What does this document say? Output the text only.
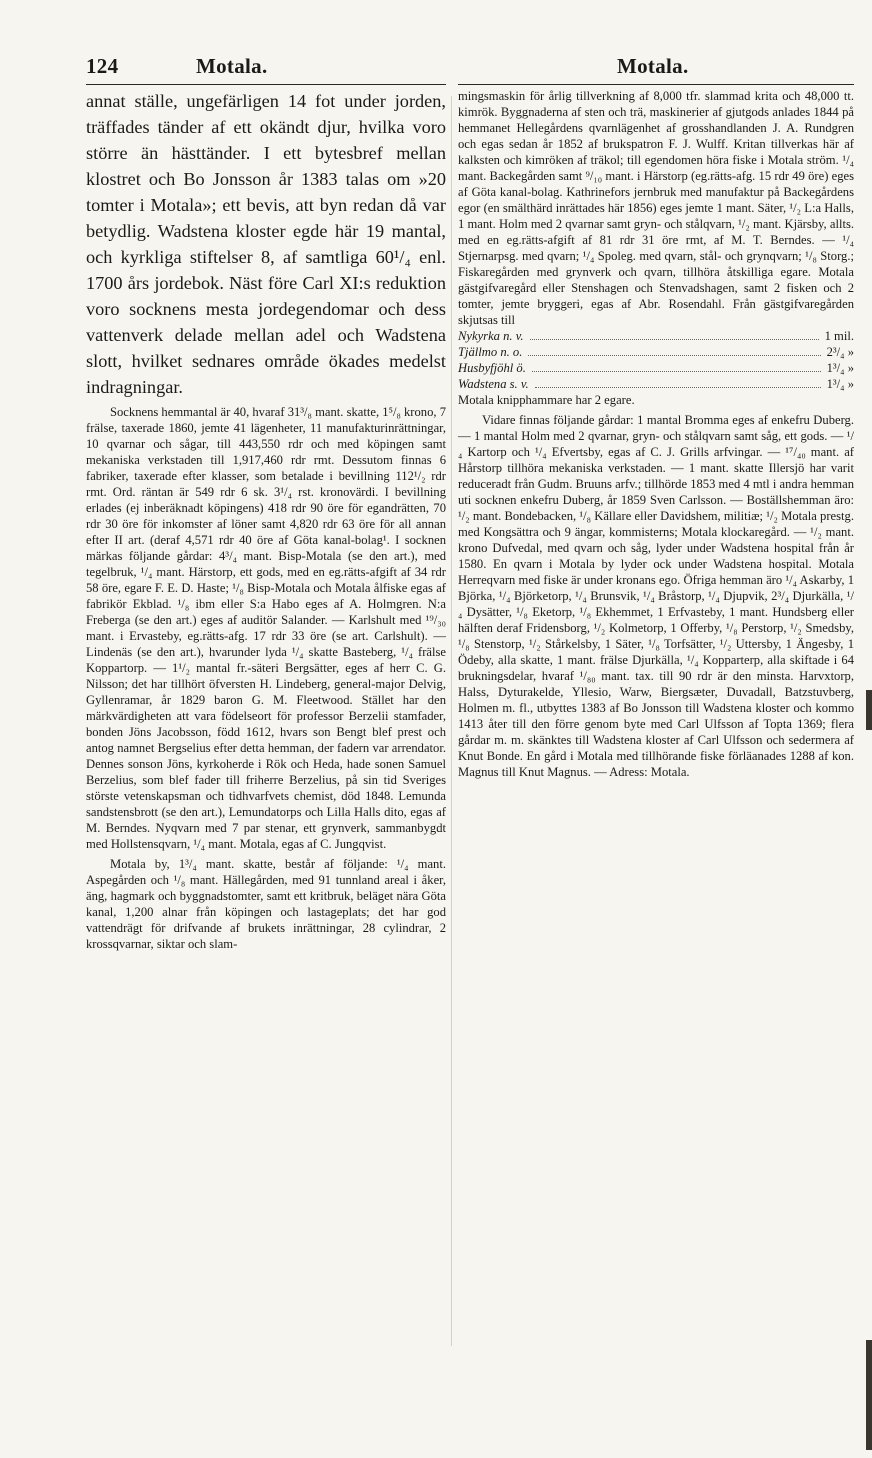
124	Motala.	Motala.

annat ställe, ungefärligen 14 fot under jorden, träffades tänder af ett okändt djur, hvilka voro större än hästtänder. I ett bytesbref mellan klostret och Bo Jonsson år 1383 talas om »20 tomter i Motala»; ett bevis, att byn redan då var betydlig. Wadstena kloster egde här 19 mantal, och kyrkliga stiftelser 8, af samtliga 60¹/₄ enl. 1700 års jordebok. Näst före Carl XI:s reduktion voro socknens mesta jordegendomar och dess vattenverk delade mellan adel och Wadstena slott, hvilket sednares område ökades medelst indragningar.

Socknens hemmantal är 40, hvaraf 31³/₈ mant. skatte, 1⁵/₈ krono, 7 frälse, taxerade 1860, jemte 41 lägenheter, 11 manufakturinrättningar, 10 qvarnar och sågar, till 443,550 rdr och med köpingen samt mekaniska verkstaden till 1,917,460 rdr rmt. Dessutom finnas 6 fabriker, taxerade efter klasser, som betalade i bevillning 112¹/₂ rdr rmt. Ord. räntan är 549 rdr 6 sk. 3¹/₄ rst. kronovärdi. I bevillning erlades (ej inberäknadt köpingens) 418 rdr 90 öre för egandrätten, 70 rdr 30 öre för inkomster af löner samt 4,820 rdr 63 öre för all annan efter II art. (deraf 4,571 rdr 40 öre af Göta kanal-bolag¹. I socknen märkas följande gårdar: 4³/₄ mant. Bisp-Motala (se den art.), med tegelbruk, ¹/₄ mant. Härstorp, ett gods, med en eg.rätts-afgift af 34 rdr 58 öre, egare F. E. D. Haste; ¹/₈ Bisp-Motala och Motala ålfiske egas af fabrikör Ekblad. ¹/₈ ibm eller S:a Habo eges af A. Holmgren. N:a Freberga (se den art.) eges af auditör Salander. — Karlshult med ¹⁹/₃₀ mant. i Ervasteby, eg.rätts-afg. 17 rdr 33 öre (se art. Carlshult). — Lindenäs (se den art.), hvarunder lyda ¹/₄ skatte Basteberg, ¹/₄ frälse Koppartorp. — 1¹/₂ mantal fr.-säteri Bergsätter, eges af herr C. G. Nilsson; det har tillhört öfversten H. Lindeberg, general-major Delvig, Gyllenramar, år 1829 baron G. M. Fleetwood. Stället har den märkvärdigheten att vara födelseort för professor Berzelii stamfader, bonden Jöns Jacobsson, född 1612, hvars son Bengt blef prest och antog namnet Bergselius efter detta hemman, der fadern var arrendator. Dennes sonson Jöns, kyrkoherde i Rök och Heda, hade sonen Samuel Berzelius, som blef fader till friherre Berzelius, på sin tid Sveriges störste vetenskapsman och tidhvarfvets chemist, död 1848. Lemunda sandstensbrott (se den art.), Lemundatorps och Lilla Halls dito, egas af M. Berndes. Nyqvarn med 7 par stenar, ett grynverk, sammanbygdt med Hollstensqvarn, ¹/₄ mant. Motala, egas af C. Jungqvist.

Motala by, 1³/₄ mant. skatte, består af följande: ¹/₄ mant. Aspegården och ¹/₈ mant. Hällegården, med 91 tunnland areal i åker, äng, hagmark och byggnadstomter, samt ett kritbruk, beläget nära Göta kanal, 1,200 alnar från köpingen och lastageplats; det har god vattendrägt för drifvande af brukets inrättningar, 28 cylindrar, 2 krossqvarnar, siktar och slam-

mingsmaskin för årlig tillverkning af 8,000 tfr. slammad krita och 48,000 tt. kimrök. Byggnaderna af sten och trä, maskinerier af gjutgods anlades 1844 på hemmanet Hellegårdens qvarnlägenhet af grosshandlanden J. A. Rundgren och egas sedan år 1852 af brukspatron F. J. Wulff. Kritan tillverkas här af kalksten och kimröken af träkol; till egendomen höra fiske i Motala ström. ¹/₄ mant. Backegården samt ⁹/₁₀ mant. i Härstorp (eg.rätts-afg. 15 rdr 49 öre) eges af Göta kanal-bolag. Kathrinefors jernbruk med manufaktur på Backegårdens egor (en smälthärd inrättades här 1856) eges jemte 1 mant. Säter, ¹/₂ L:a Halls, 1 mant. Holm med 2 qvarnar samt gryn- och stålqvarn, ¹/₂ mant. Kjärsby, allts. med en eg.rätts-afgift af 81 rdr 31 öre rmt, af M. T. Berndes. — ¹/₄ Stjernarpsg. med qvarn; ¹/₄ Spoleg. med qvarn, stål- och grynqvarn; ¹/₈ Storg.; Fiskaregården med grynverk och qvarn, tillhöra åtskilliga egare. Motala gästgifvaregård eller Stenshagen och Stenvadshagen, samt 2 fisken och 2 tomter, jemte bryggeri, egas af Abr. Rosendahl. Från gästgifvaregården skjutsas till

Nykyrka n. v.	1 mil.
Tjällmo n. o.	2³/₄ »
Husbyfjöhl ö.	1³/₄ »
Wadstena s. v.	1³/₄ »

Motala knipphammare har 2 egare.

Vidare finnas följande gårdar: 1 mantal Bromma eges af enkefru Duberg. — 1 mantal Holm med 2 qvarnar, gryn- och stålqvarn samt såg, ett gods. — ¹/₄ Kartorp och ¹/₄ Efvertsby, egas af C. J. Grills arfvingar. — ¹⁷/₄₀ mant. af Hårstorp tillhöra mekaniska verkstaden. — 1 mant. skatte Illersjö har varit reduceradt från Gudm. Bruuns arfv.; tillhörde 1853 med 4 mtl i andra hemman uti socknen enkefru Duberg, år 1859 Sven Carlsson. — Boställshemman äro: ¹/₂ mant. Bondebacken, ¹/₈ Källare eller Davidshem, militiæ; ¹/₂ Motala prestg. med Kongsättra och 9 ängar, kommisterns; Motala klockaregård. — ¹/₂ mant. krono Dufvedal, med qvarn och såg, lyder under Wadstena hospital från år 1580. En qvarn i Motala by lyder ock under Wadstena hospital. Motala Herreqvarn med fiske är under kronans ego. Öfriga hemman äro ¹/₄ Askarby, 1 Björka, ¹/₄ Björketorp, ¹/₄ Brunsvik, ¹/₄ Bråstorp, ¹/₄ Djupvik, 2³/₄ Djurkälla, ¹/₄ Dysätter, ¹/₈ Eketorp, ¹/₈ Ekhemmet, 1 Erfvasteby, 1 mant. Hundsberg eller hälften deraf Fridensborg, ¹/₂ Kolmetorp, 1 Offerby, ¹/₈ Perstorp, ¹/₂ Smedsby, ¹/₈ Stenstorp, ¹/₂ Stårkelsby, 1 Säter, ¹/₈ Torfsätter, ¹/₂ Uttersby, 1 Ängesby, 1 Ödeby, alla skatte, 1 mant. frälse Djurkälla, ¹/₄ Kopparterp, alla skiftade i 64 brukningsdelar, hvaraf ¹/₈₀ mant. tax. till 90 rdr är den minsta. Harvxtorp, Halss, Dyturakelde, Yllesio, Warw, Biergsæter, Duvadall, Batzstuvberg, Holmen m. fl., utbyttes 1383 af Bo Jonsson till Wadstena kloster och kommo 1413 åter till den förre genom byte med Carl Ulfsson af Topta 1369; flera gårdar m. m. skänktes till Wadstena kloster af Carl Ulfsson och sedermera af Knut Bonde. En gård i Motala med tillhörande fiske förläanades 1288 af kon. Magnus till Knut Magnus. — Adress: Motala.
